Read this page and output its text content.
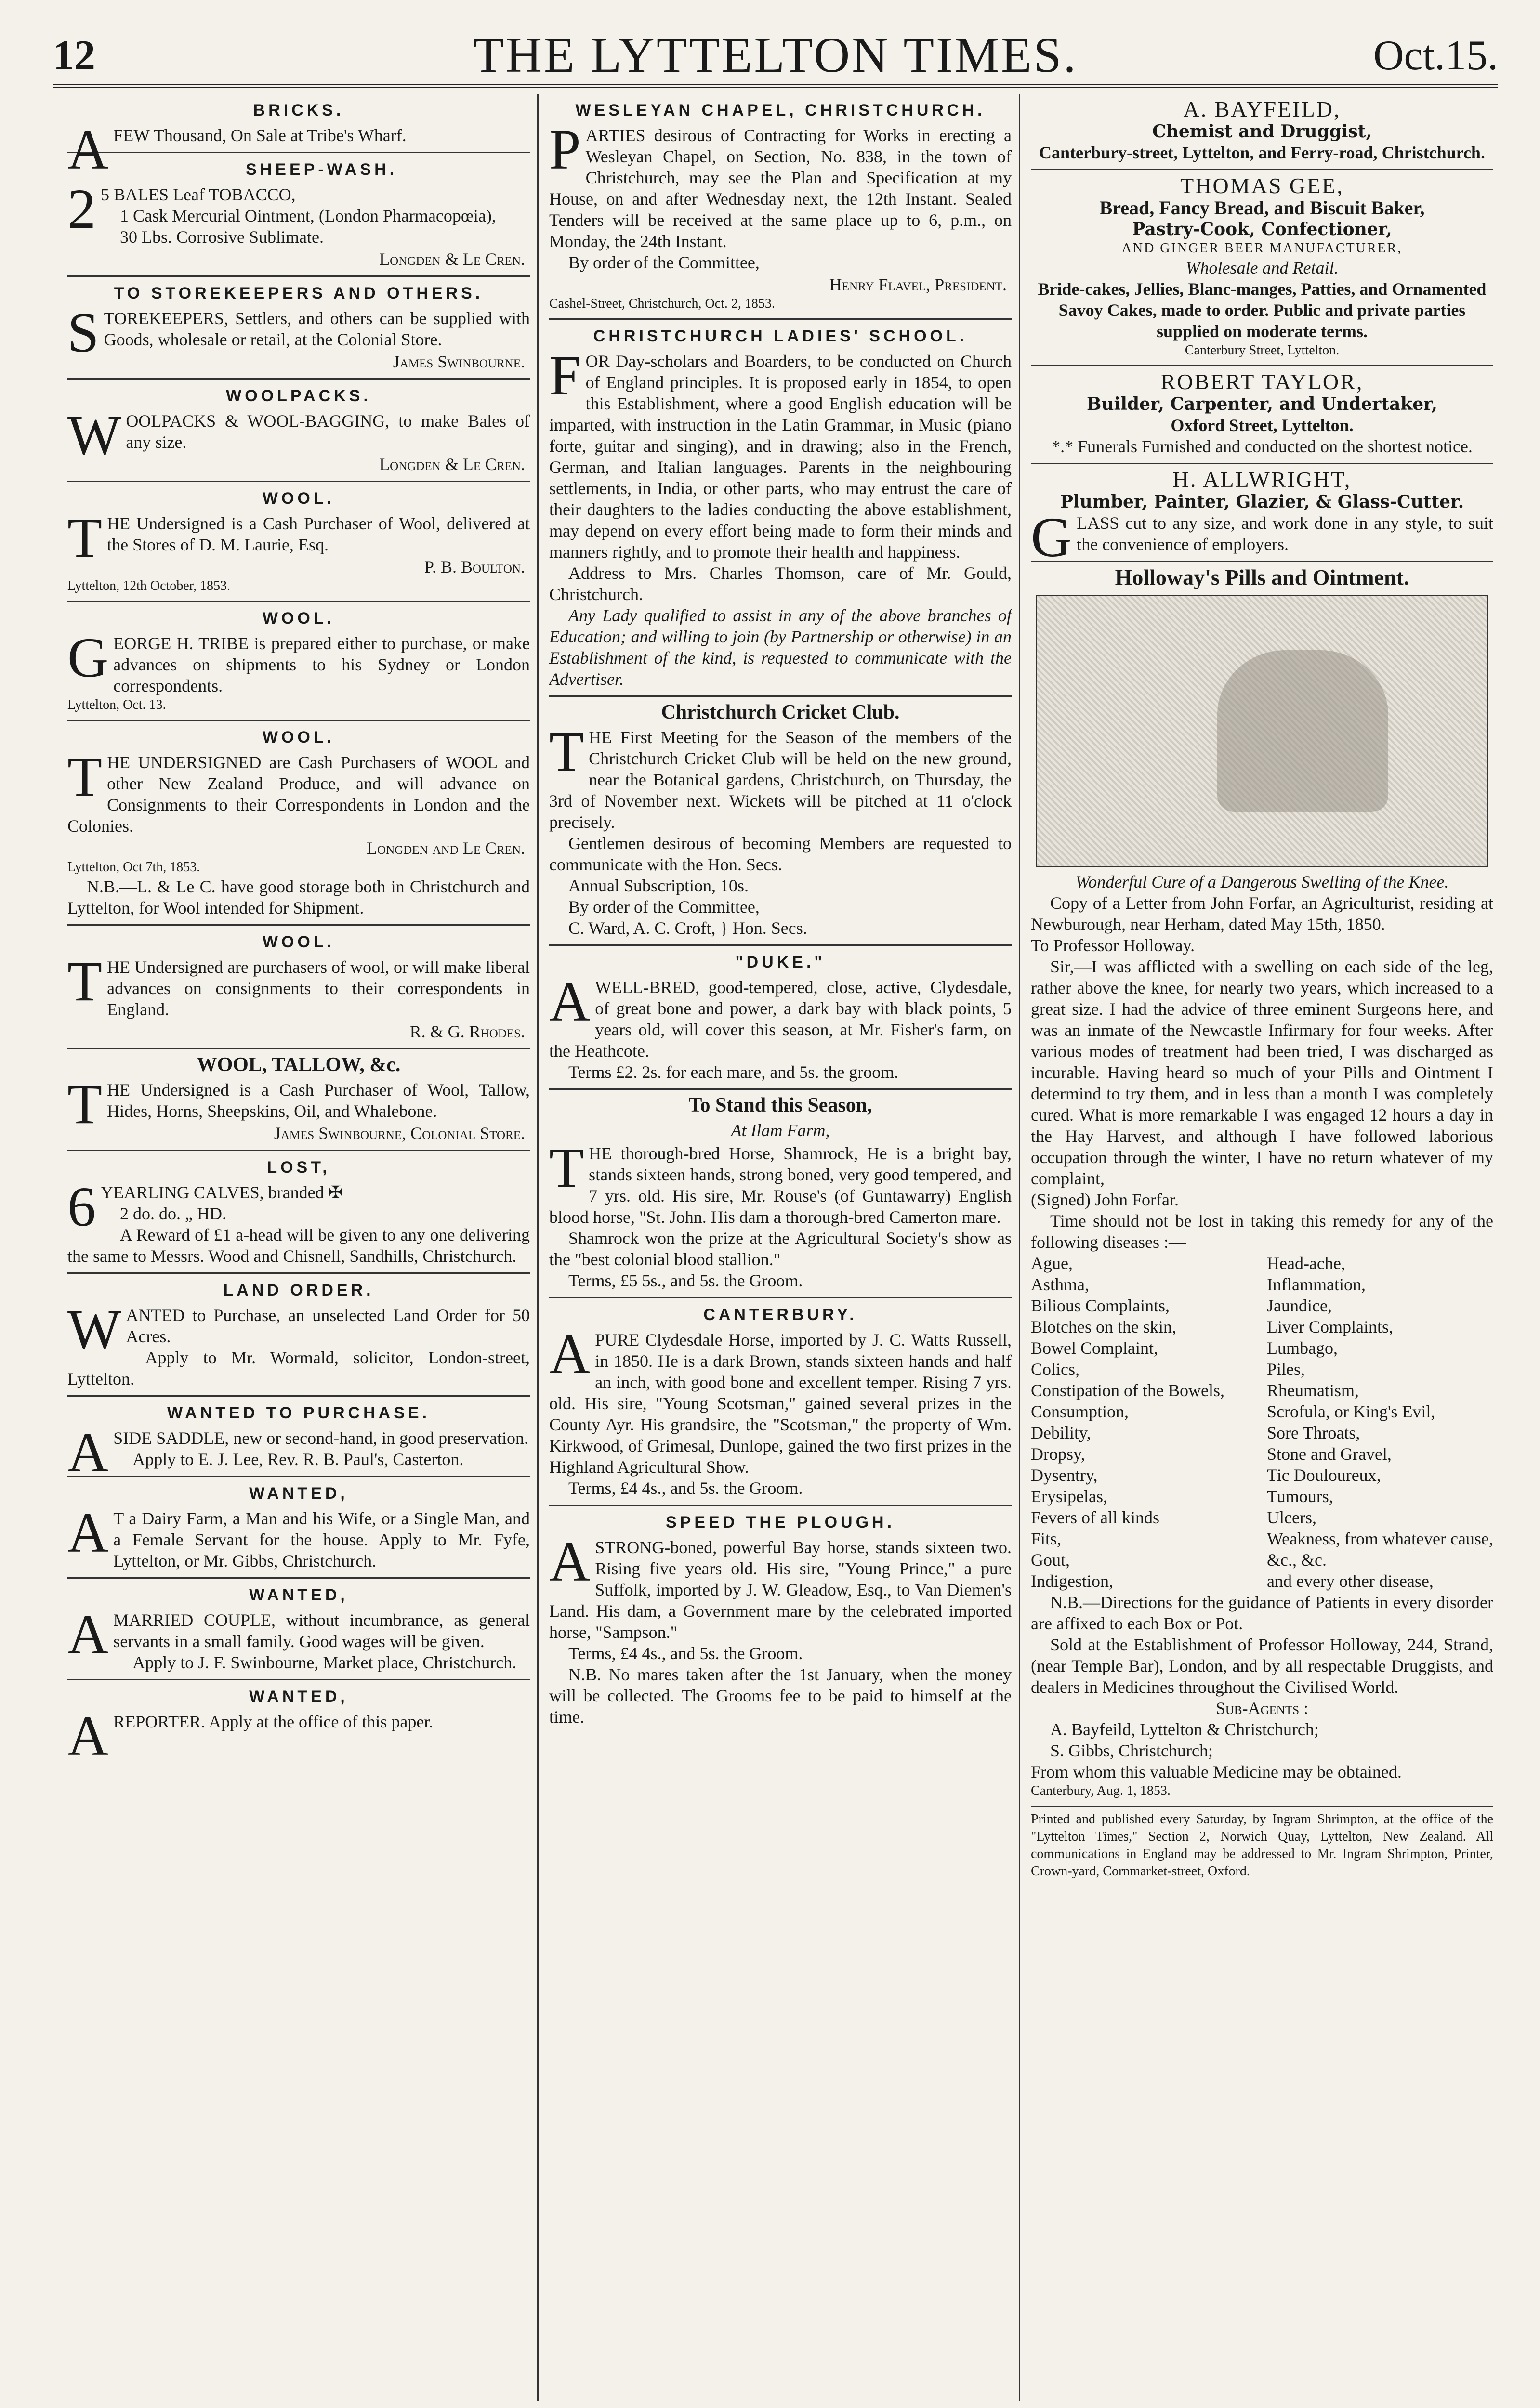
12	THE LYTTELTON TIMES.	Oct.15.
BRICKS.

AFEW Thousand, On Sale at Tribe's Wharf.

SHEEP-WASH.

25 BALES Leaf TOBACCO,

1 Cask Mercurial Ointment, (London Pharmacopœia),

30 Lbs. Corrosive Sublimate.

Longden & Le Cren.

TO STOREKEEPERS AND OTHERS.

STOREKEEPERS, Settlers, and others can be supplied with Goods, wholesale or retail, at the Colonial Store.

James Swinbourne.

WOOLPACKS.

WOOLPACKS & WOOL-BAGGING, to make Bales of any size.

Longden & Le Cren.

WOOL.

THE Undersigned is a Cash Purchaser of Wool, delivered at the Stores of D. M. Laurie, Esq.

P. B. Boulton.

Lyttelton, 12th October, 1853.

WOOL.

GEORGE H. TRIBE is prepared either to purchase, or make advances on shipments to his Sydney or London correspondents.

Lyttelton, Oct. 13.

WOOL.

THE UNDERSIGNED are Cash Purchasers of WOOL and other New Zealand Produce, and will advance on Consignments to their Correspondents in London and the Colonies.

Longden and Le Cren.

Lyttelton, Oct 7th, 1853.

N.B.—L. & Le C. have good storage both in Christchurch and Lyttelton, for Wool intended for Shipment.

WOOL.

THE Undersigned are purchasers of wool, or will make liberal advances on consignments to their correspondents in England.

R. & G. Rhodes.

WOOL, TALLOW, &c.

THE Undersigned is a Cash Purchaser of Wool, Tallow, Hides, Horns, Sheepskins, Oil, and Whalebone.

James Swinbourne, Colonial Store.

LOST,

6YEARLING CALVES, branded ✠

2 do. do. „ HD.

A Reward of £1 a-head will be given to any one delivering the same to Messrs. Wood and Chisnell, Sandhills, Christchurch.

LAND ORDER.

WANTED to Purchase, an unselected Land Order for 50 Acres.

Apply to Mr. Wormald, solicitor, London-street, Lyttelton.

WANTED TO PURCHASE.

ASIDE SADDLE, new or second-hand, in good preservation.

Apply to E. J. Lee, Rev. R. B. Paul's, Casterton.

WANTED,

AT a Dairy Farm, a Man and his Wife, or a Single Man, and a Female Servant for the house. Apply to Mr. Fyfe, Lyttelton, or Mr. Gibbs, Christchurch.

WANTED,

AMARRIED COUPLE, without incumbrance, as general servants in a small family. Good wages will be given.

Apply to J. F. Swinbourne, Market place, Christchurch.

WANTED,

AREPORTER. Apply at the office of this paper.

WESLEYAN CHAPEL, CHRISTCHURCH.

PARTIES desirous of Contracting for Works in erecting a Wesleyan Chapel, on Section, No. 838, in the town of Christchurch, may see the Plan and Specification at my House, on and after Wednesday next, the 12th Instant. Sealed Tenders will be received at the same place up to 6, p.m., on Monday, the 24th Instant.

By order of the Committee,

Henry Flavel, President.

Cashel-Street, Christchurch, Oct. 2, 1853.

CHRISTCHURCH LADIES' SCHOOL.

FOR Day-scholars and Boarders, to be conducted on Church of England principles. It is proposed early in 1854, to open this Establishment, where a good English education will be imparted, with instruction in the Latin Grammar, in Music (piano forte, guitar and singing), and in drawing; also in the French, German, and Italian languages. Parents in the neighbouring settlements, in India, or other parts, who may entrust the care of their daughters to the ladies conducting the above establishment, may depend on every effort being made to form their minds and manners rightly, and to promote their health and happiness.

Address to Mrs. Charles Thomson, care of Mr. Gould, Christchurch.

Any Lady qualified to assist in any of the above branches of Education; and willing to join (by Partnership or otherwise) in an Establishment of the kind, is requested to communicate with the Advertiser.

Christchurch Cricket Club.

THE First Meeting for the Season of the members of the Christchurch Cricket Club will be held on the new ground, near the Botanical gardens, Christchurch, on Thursday, the 3rd of November next. Wickets will be pitched at 11 o'clock precisely.

Gentlemen desirous of becoming Members are requested to communicate with the Hon. Secs.

Annual Subscription, 10s.

By order of the Committee,

C. Ward, A. C. Croft, } Hon. Secs.

"DUKE."

AWELL-BRED, good-tempered, close, active, Clydesdale, of great bone and power, a dark bay with black points, 5 years old, will cover this season, at Mr. Fisher's farm, on the Heathcote.

Terms £2. 2s. for each mare, and 5s. the groom.

To Stand this Season,
At Ilam Farm,

THE thorough-bred Horse, Shamrock, He is a bright bay, stands sixteen hands, strong boned, very good tempered, and 7 yrs. old. His sire, Mr. Rouse's (of Guntawarry) English blood horse, "St. John. His dam a thorough-bred Camerton mare.

Shamrock won the prize at the Agricultural Society's show as the "best colonial blood stallion."

Terms, £5 5s., and 5s. the Groom.

CANTERBURY.

APURE Clydesdale Horse, imported by J. C. Watts Russell, in 1850. He is a dark Brown, stands sixteen hands and half an inch, with good bone and excellent temper. Rising 7 yrs. old. His sire, "Young Scotsman," gained several prizes in the County Ayr. His grandsire, the "Scotsman," the property of Wm. Kirkwood, of Grimesal, Dunlope, gained the two first prizes in the Highland Agricultural Show.

Terms, £4 4s., and 5s. the Groom.

SPEED THE PLOUGH.

ASTRONG-boned, powerful Bay horse, stands sixteen two. Rising five years old. His sire, "Young Prince," a pure Suffolk, imported by J. W. Gleadow, Esq., to Van Diemen's Land. His dam, a Government mare by the celebrated imported horse, "Sampson."

Terms, £4 4s., and 5s. the Groom.

N.B. No mares taken after the 1st January, when the money will be collected. The Grooms fee to be paid to himself at the time.

A. BAYFEILD,
Chemist and Druggist,
Canterbury-street, Lyttelton, and Ferry-road, Christchurch.
THOMAS GEE,
Bread, Fancy Bread, and Biscuit Baker,
Pastry-Cook, Confectioner,
AND GINGER BEER MANUFACTURER,
Wholesale and Retail.

Bride-cakes, Jellies, Blanc-manges, Patties, and Ornamented Savoy Cakes, made to order. Public and private parties supplied on moderate terms.

Canterbury Street, Lyttelton.
ROBERT TAYLOR,
Builder, Carpenter, and Undertaker,
Oxford Street, Lyttelton.

*.* Funerals Furnished and conducted on the shortest notice.

H. ALLWRIGHT,
Plumber, Painter, Glazier, & Glass-Cutter.

GLASS cut to any size, and work done in any style, to suit the convenience of employers.

Holloway's Pills and Ointment.
Wonderful Cure of a Dangerous Swelling of the Knee.

Copy of a Letter from John Forfar, an Agriculturist, residing at Newburough, near Herham, dated May 15th, 1850.

To Professor Holloway.

Sir,—I was afflicted with a swelling on each side of the leg, rather above the knee, for nearly two years, which increased to a great size. I had the advice of three eminent Surgeons here, and was an inmate of the Newcastle Infirmary for four weeks. After various modes of treatment had been tried, I was discharged as incurable. Having heard so much of your Pills and Ointment I determind to try them, and in less than a month I was completely cured. What is more remarkable I was engaged 12 hours a day in the Hay Harvest, and although I have followed laborious occupation through the winter, I have no return whatever of my complaint,

(Signed) John Forfar.

Time should not be lost in taking this remedy for any of the following diseases :—

Ague,
Asthma,
Bilious Complaints,
Blotches on the skin,
Bowel Complaint,
Colics,
Constipation of the Bowels,
Consumption,
Debility,
Dropsy,
Dysentry,
Erysipelas,
Fevers of all kinds
Fits,
Gout,
Indigestion,
Head-ache,
Inflammation,
Jaundice,
Liver Complaints,
Lumbago,
Piles,
Rheumatism,
Scrofula, or King's Evil,
Sore Throats,
Stone and Gravel,
Tic Douloureux,
Tumours,
Ulcers,
Weakness, from whatever cause, &c., &c.
and every other disease,

N.B.—Directions for the guidance of Patients in every disorder are affixed to each Box or Pot.

Sold at the Establishment of Professor Holloway, 244, Strand, (near Temple Bar), London, and by all respectable Druggists, and dealers in Medicines throughout the Civilised World.

Sub-Agents :

A. Bayfeild, Lyttelton & Christchurch;

S. Gibbs, Christchurch;

From whom this valuable Medicine may be obtained.

Canterbury, Aug. 1, 1853.

Printed and published every Saturday, by Ingram Shrimpton, at the office of the "Lyttelton Times," Section 2, Norwich Quay, Lyttelton, New Zealand. All communications in England may be addressed to Mr. Ingram Shrimpton, Printer, Crown-yard, Cornmarket-street, Oxford.
